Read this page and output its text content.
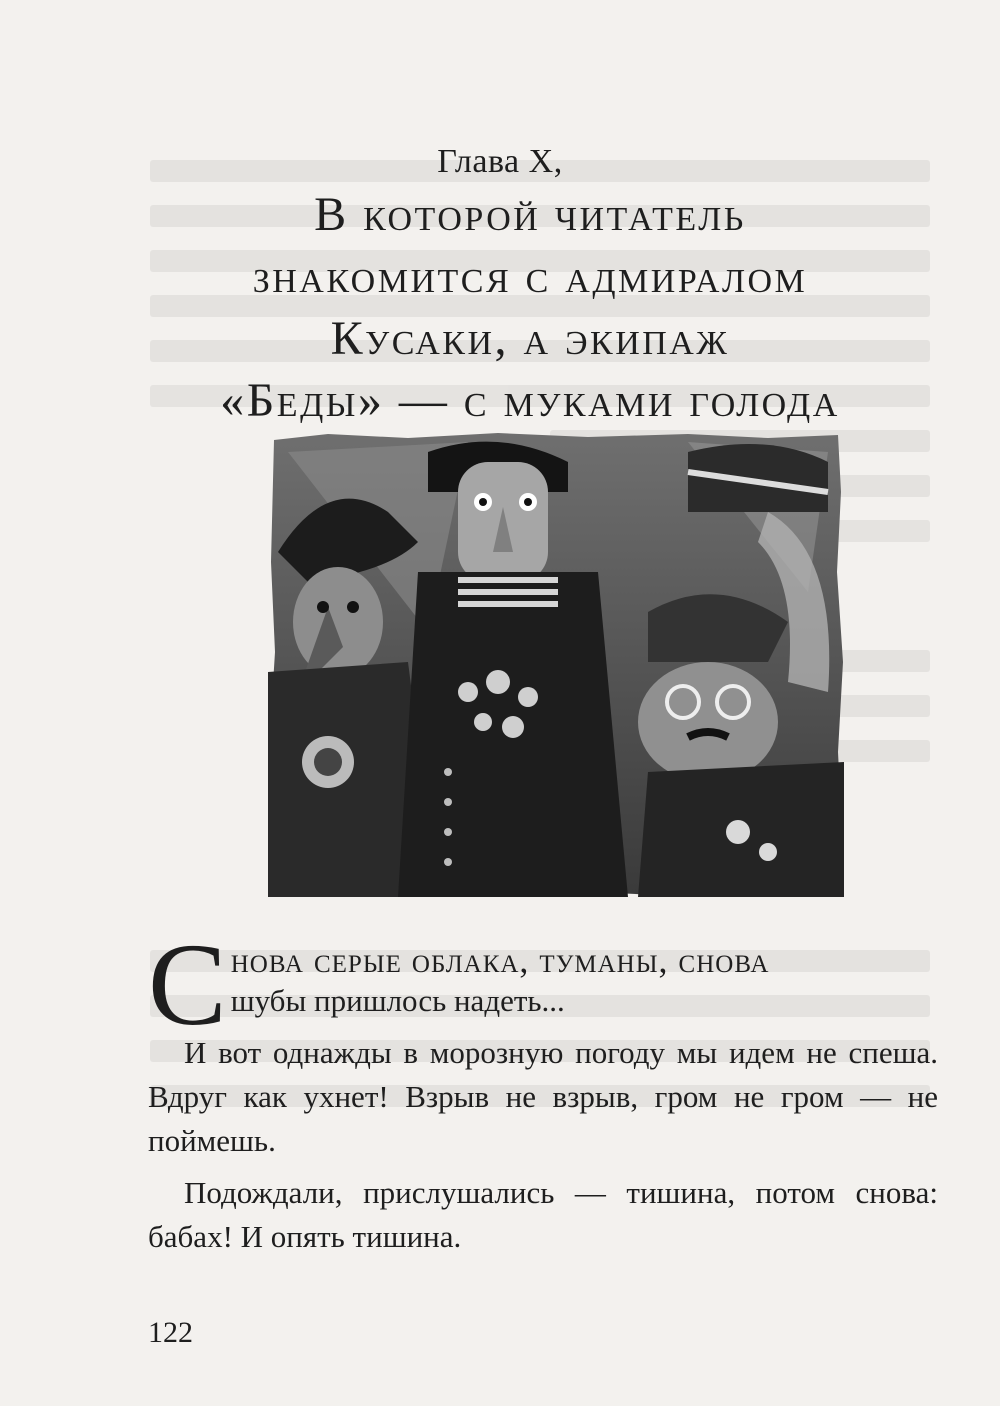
Глава X,
В которой читатель
знакомится с адмиралом
Кусаки, а экипаж
«Беды» — с муками голода

Снова серые облака, туманы, снова

шубы пришлось надеть...

И вот однажды в морозную погоду мы идем не спеша. Вдруг как ухнет! Взрыв не взрыв, гром не гром — не поймешь.

Подождали, прислушались — тишина, потом снова: бабах! И опять тишина.

122
